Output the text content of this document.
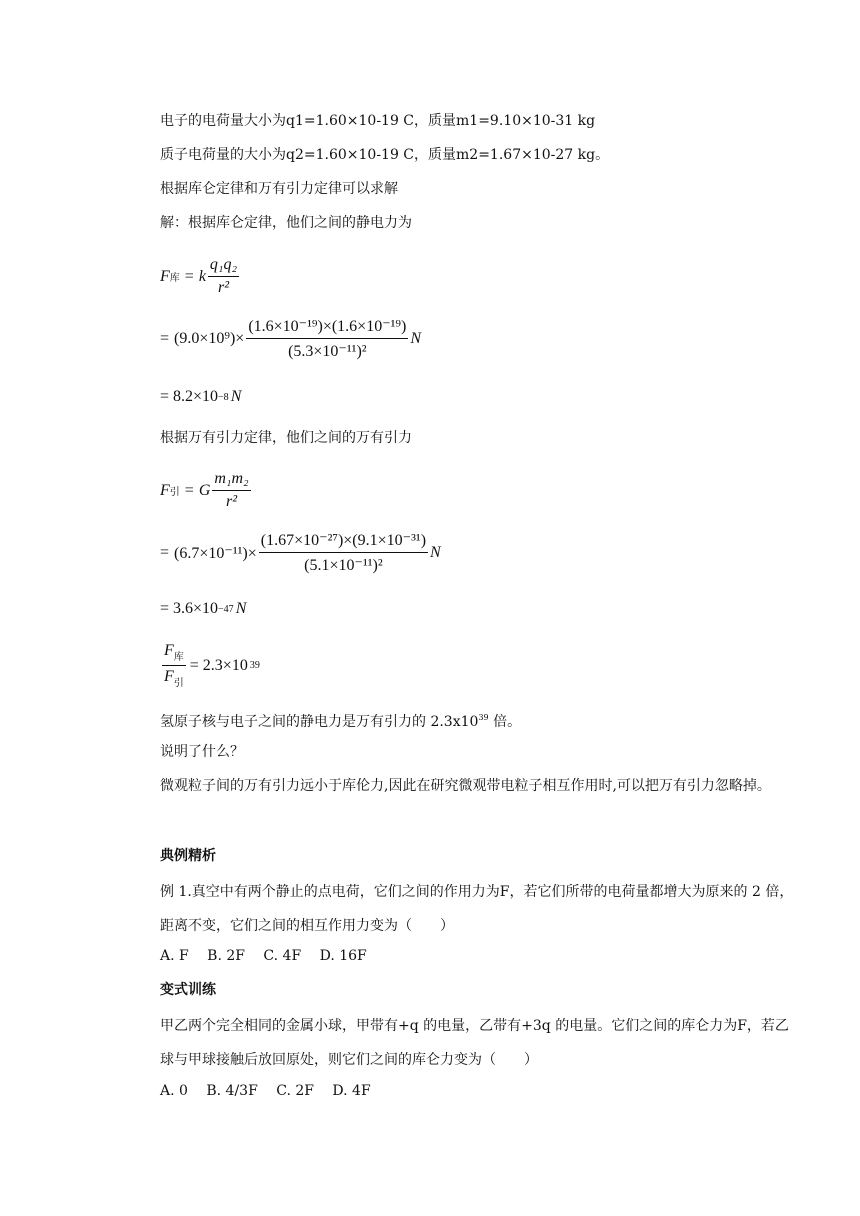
电子的电荷量大小为q1=1.60×10-19 C，质量m1=9.10×10-31 kg
质子电荷量的大小为q2=1.60×10-19 C，质量m2=1.67×10-27 kg。
根据库仑定律和万有引力定律可以求解
解：根据库仑定律，他们之间的静电力为
F 库 = k $\frac{\text{q₁q₂}}{\text{r²}}$
= $(9.0\times 10^9)\times \frac{\text{(1.6×10⁻¹⁹)×(1.6×10⁻¹⁹)}}{\text{(5.3×10⁻¹¹)²}}$ N
= 8.2×10 −8 N
根据万有引力定律，他们之间的万有引力
F 引 = G $\frac{\text{m₁m₂}}{\text{r²}}$
= $(6.7\times 10^{-11})\times \frac{\text{(1.67×10⁻²⁷)×(9.1×10⁻³¹)}}{\text{(5.1×10⁻¹¹)²}}$ N
= 3.6×10 −47 N
$\frac{F_库}{F_引} = 2.3\times 10$ 39
氢原子核与电子之间的静电力是万有引力的 $2.3x10^{39}$ 倍。
说明了什么？
微观粒子间的万有引力远小于库伦力,因此在研究微观带电粒子相互作用时,可以把万有引力忽略掉。
典例精析
例 1.真空中有两个静止的点电荷，它们之间的作用力为F，若它们所带的电荷量都增大为原来的 2 倍，距离不变，它们之间的相互作用力变为（　　）
A. F　 B. 2F　 C. 4F　 D. 16F
变式训练
甲乙两个完全相同的金属小球，甲带有+q 的电量，乙带有+3q 的电量。它们之间的库仑力为F，若乙球与甲球接触后放回原处，则它们之间的库仑力变为（　　）
A. 0　 B. 4/3F　 C. 2F　 D. 4F
